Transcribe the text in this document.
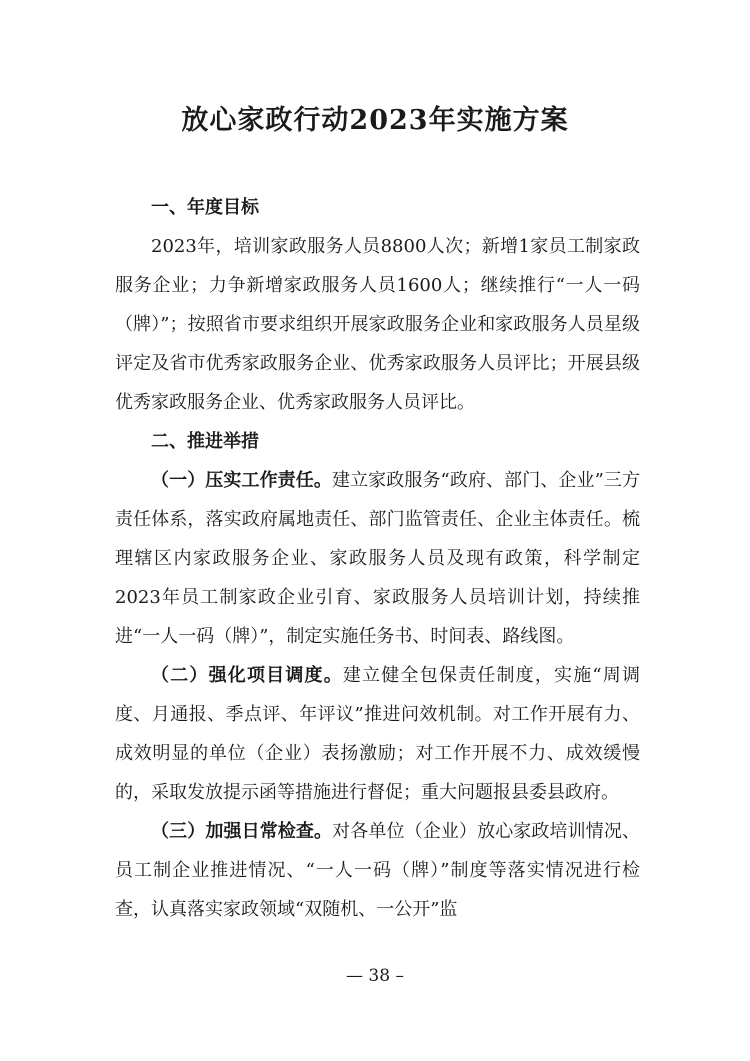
放心家政行动2023年实施方案
一、年度目标

2023年，培训家政服务人员8800人次；新增1家员工制家政服务企业；力争新增家政服务人员1600人；继续推行“一人一码（牌）”；按照省市要求组织开展家政服务企业和家政服务人员星级评定及省市优秀家政服务企业、优秀家政服务人员评比；开展县级优秀家政服务企业、优秀家政服务人员评比。

二、推进举措

（一）压实工作责任。建立家政服务“政府、部门、企业”三方责任体系，落实政府属地责任、部门监管责任、企业主体责任。梳理辖区内家政服务企业、家政服务人员及现有政策，科学制定2023年员工制家政企业引育、家政服务人员培训计划，持续推进“一人一码（牌）”，制定实施任务书、时间表、路线图。

（二）强化项目调度。建立健全包保责任制度，实施“周调度、月通报、季点评、年评议”推进问效机制。对工作开展有力、成效明显的单位（企业）表扬激励；对工作开展不力、成效缓慢的，采取发放提示函等措施进行督促；重大问题报县委县政府。

（三）加强日常检查。对各单位（企业）放心家政培训情况、员工制企业推进情况、“一人一码（牌）”制度等落实情况进行检查，认真落实家政领域“双随机、一公开”监

— 38 –
